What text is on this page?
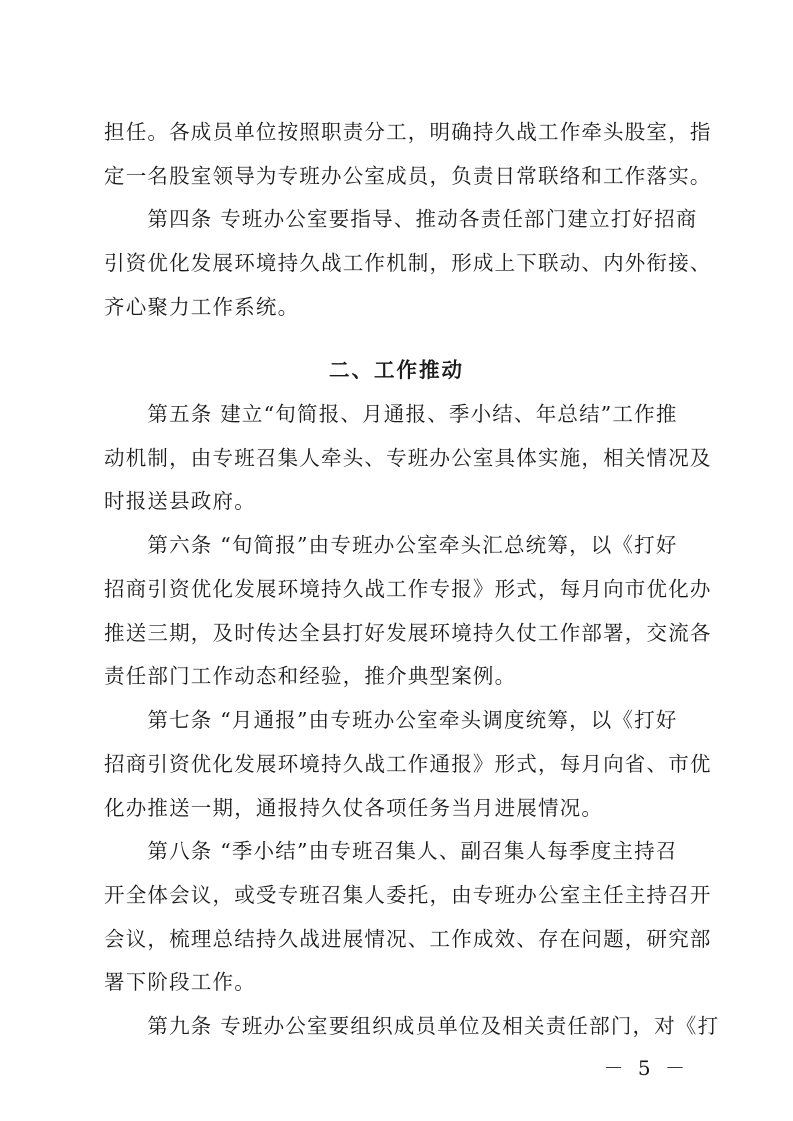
担任。各成员单位按照职责分工，明确持久战工作牵头股室，指
定一名股室领导为专班办公室成员，负责日常联络和工作落实。
　　第四条 专班办公室要指导、推动各责任部门建立打好招商
引资优化发展环境持久战工作机制，形成上下联动、内外衔接、
齐心聚力工作系统。
二、工作推动
　　第五条 建立“旬简报、月通报、季小结、年总结”工作推
动机制，由专班召集人牵头、专班办公室具体实施，相关情况及
时报送县政府。
　　第六条 “旬简报”由专班办公室牵头汇总统筹，以《打好
招商引资优化发展环境持久战工作专报》形式，每月向市优化办
推送三期，及时传达全县打好发展环境持久仗工作部署，交流各
责任部门工作动态和经验，推介典型案例。
　　第七条 “月通报”由专班办公室牵头调度统筹，以《打好
招商引资优化发展环境持久战工作通报》形式，每月向省、市优
化办推送一期，通报持久仗各项任务当月进展情况。
　　第八条 “季小结”由专班召集人、副召集人每季度主持召
开全体会议，或受专班召集人委托，由专班办公室主任主持召开
会议，梳理总结持久战进展情况、工作成效、存在问题，研究部
署下阶段工作。
　　第九条 专班办公室要组织成员单位及相关责任部门，对《打
－ 5 －
